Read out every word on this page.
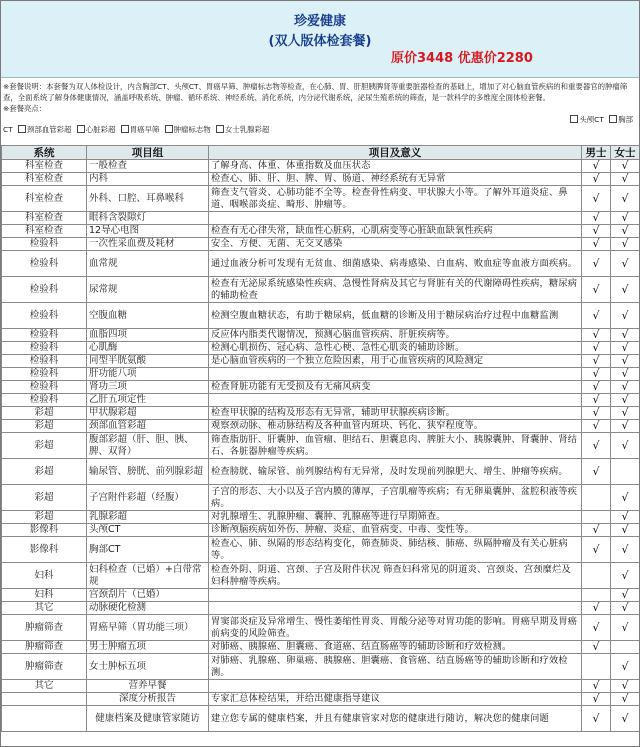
珍爱健康
(双人版体检套餐)
原价3448 优惠价2280
※套餐说明：本套餐为双人体检设计，内含胸部CT、头颅CT、胃癌早筛、肿瘤标志物等检查，在心肺、胃、肝胆胰脾肾等重要脏器检查的基础上，增加了对心脑血管疾病的和重要器官的肿瘤筛查，全面系统了解身体健康情况，涵盖呼吸系统、肿瘤、循环系统、神经系统、消化系统，内分泌代谢系统，泌尿生殖系统的筛查，是一款科学的多维度全面体检套餐。
※套餐亮点：
CT 颈部血管彩超 心脏彩超 胃癌早筛 肿瘤标志物 女士乳腺彩超
头颅CT 胸部
系统	项目组	项目及意义	男士	女士
科室检查	一般检查	了解身高、体重、体重指数及血压状态	√	√
科室检查	内科	检查心、肺、肝、胆、脾、胃、肠道、神经系统有无异常	√	√
科室检查	外科、口腔、耳鼻喉科	筛查支气管炎、心肺功能不全等。检查骨性病变、甲状腺大小等。了解外耳道炎症、鼻道、咽喉部炎症、畸形、肿瘤等。	√	√
科室检查	眼科含裂隙灯		√	√
科室检查	12导心电图	检查有无心律失常，缺血性心脏病，心肌病变等心脏缺血缺氧性疾病	√	√
检验科	一次性采血费及耗材	安全、方便、无菌、无交叉感染	√	√
检验科	血常规	通过血液分析可发现有无贫血、细菌感染、病毒感染、白血病、败血症等血液方面疾病。	√	√
检验科	尿常规	检查有无泌尿系统感染性疾病、急慢性肾病及其它与肾脏有关的代谢障碍性疾病，糖尿病的辅助检查	√	√
检验科	空腹血糖	检测空腹血糖状态，有助于糖尿病，低血糖的诊断及用于糖尿病治疗过程中血糖监测	√	√
检验科	血脂四项	反应体内脂类代谢情况，预测心脑血管疾病、肝脏疾病等。	√	√
检验科	心肌酶	检测心肌损伤、冠心病、急性心梗、急性心肌炎的辅助诊断。	√	√
检验科	同型半胱氨酸	是心脑血管疾病的一个独立危险因素，用于心血管疾病的风险测定	√	√
检验科	肝功能八项		√	√
检验科	肾功三项	检查肾脏功能有无受损及有无痛风病变	√	√
检验科	乙肝五项定性		√	√
彩超	甲状腺彩超	检查甲状腺的结构及形态有无异常，辅助甲状腺疾病诊断。	√	√
彩超	颈部血管彩超	观察颈动脉、椎动脉结构及各种血管内斑块、钙化、狭窄程度等。	√	√
彩超	腹部彩超（肝、胆、胰、脾、双肾）	筛查脂肪肝、肝囊肿、血管瘤、胆结石、胆囊息肉、脾脏大小、胰腺囊肿、肾囊肿、肾结石、各脏器肿瘤等疾病。	√	√
彩超	输尿管、膀胱、前列腺彩超	检查膀胱、输尿管、前列腺结构有无异常，及时发现前列腺肥大、增生、肿瘤等疾病。	√	
彩超	子宫附件彩超（经腹）	子宫的形态、大小以及子宫内膜的薄厚，子宫肌瘤等疾病；有无卵巢囊肿、盆腔积液等疾病。		√
彩超	乳腺彩超	对乳腺增生、乳腺肿瘤、囊肿、乳腺癌等进行早期筛查。		√
影像科	头颅CT	诊断颅脑疾病如外伤、肿瘤、炎症、血管病变、中毒、变性等。	√	√
影像科	胸部CT	检查心、肺、纵隔的形态结构变化，筛查肺炎、肺结核、肺癌、纵隔肿瘤及有关心脏病等。	√	√
妇科	妇科检查（已婚）+白带常规	检查外阴、阴道、宫颈、子宫及附件状况 筛查妇科常见的阴道炎、宫颈炎、宫颈糜烂及妇科肿瘤等疾病。		√
妇科	宫颈刮片（已婚）			√
其它	动脉硬化检测		√	√
肿瘤筛查	胃癌早筛（胃功能三项）	胃窦部炎症及异常增生、慢性萎缩性胃炎、胃酸分泌等对胃功能的影响。胃癌早期及胃癌前病变的风险筛查。	√	√
肿瘤筛查	男士肿瘤五项	对肺癌、胰腺癌、胆囊癌、食道癌、结直肠癌等的辅助诊断和疗效检测。	√	
肿瘤筛查	女士肿标五项	对肺癌、乳腺癌、卵巢癌、胰腺癌、胆囊癌、食管癌、结直肠癌等的辅助诊断和疗效检测。		√
其它	营养早餐		√	√
	深度分析报告	专家汇总体检结果，并给出健康指导建议	√	√
	健康档案及健康管家随访	建立您专属的健康档案，并且有健康管家对您的健康进行随访，解决您的健康问题	√	√
